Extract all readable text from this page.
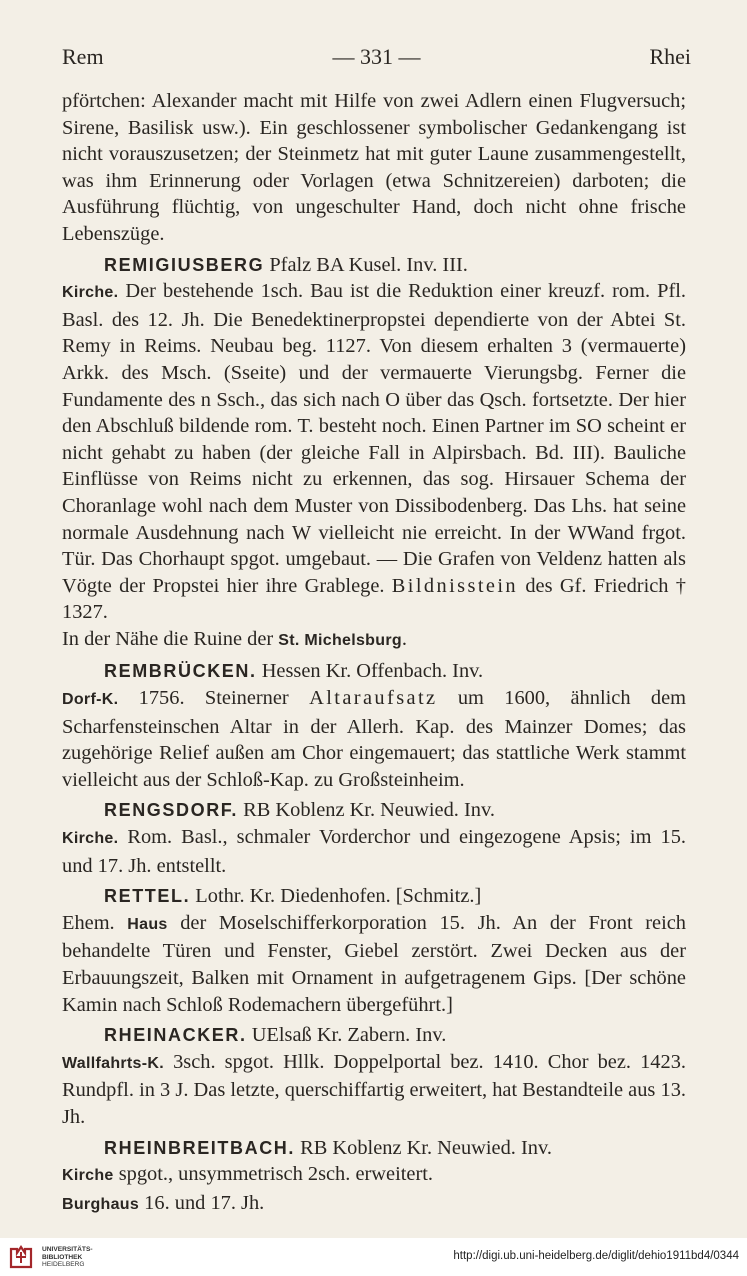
Rem	— 331 —	Rhei

pförtchen: Alexander macht mit Hilfe von zwei Adlern einen Flugversuch; Sirene, Basilisk usw.). Ein geschlossener symbolischer Gedankengang ist nicht vorauszusetzen; der Steinmetz hat mit guter Laune zusammengestellt, was ihm Erinnerung oder Vorlagen (etwa Schnitzereien) darboten; die Ausführung flüchtig, von ungeschulter Hand, doch nicht ohne frische Lebenszüge.

REMIGIUSBERG Pfalz BA Kusel. Inv. III.
Kirche. Der bestehende 1sch. Bau ist die Reduktion einer kreuzf. rom. Pfl. Basl. des 12. Jh. Die Benedektinerpropstei dependierte von der Abtei St. Remy in Reims. Neubau beg. 1127. Von diesem erhalten 3 (vermauerte) Arkk. des Msch. (Sseite) und der vermauerte Vierungsbg. Ferner die Fundamente des n Ssch., das sich nach O über das Qsch. fortsetzte. Der hier den Abschluß bildende rom. T. besteht noch. Einen Partner im SO scheint er nicht gehabt zu haben (der gleiche Fall in Alpirsbach. Bd. III). Bauliche Einflüsse von Reims nicht zu erkennen, das sog. Hirsauer Schema der Choranlage wohl nach dem Muster von Dissibodenberg. Das Lhs. hat seine normale Ausdehnung nach W vielleicht nie erreicht. In der WWand frgot. Tür. Das Chorhaupt spgot. umgebaut. — Die Grafen von Veldenz hatten als Vögte der Propstei hier ihre Grablege. Bildnisstein des Gf. Friedrich † 1327.

In der Nähe die Ruine der St. Michelsburg.

REMBRÜCKEN. Hessen Kr. Offenbach. Inv.
Dorf-K. 1756. Steinerner Altaraufsatz um 1600, ähnlich dem Scharfensteinschen Altar in der Allerh. Kap. des Mainzer Domes; das zugehörige Relief außen am Chor eingemauert; das stattliche Werk stammt vielleicht aus der Schloß-Kap. zu Großsteinheim.

RENGSDORF. RB Koblenz Kr. Neuwied. Inv.
Kirche. Rom. Basl., schmaler Vorderchor und eingezogene Apsis; im 15. und 17. Jh. entstellt.

RETTEL. Lothr. Kr. Diedenhofen. [Schmitz.]
Ehem. Haus der Moselschifferkorporation 15. Jh. An der Front reich behandelte Türen und Fenster, Giebel zerstört. Zwei Decken aus der Erbauungszeit, Balken mit Ornament in aufgetragenem Gips. [Der schöne Kamin nach Schloß Rodemachern übergeführt.]

RHEINACKER. UElsaß Kr. Zabern. Inv.
Wallfahrts-K. 3sch. spgot. Hllk. Doppelportal bez. 1410. Chor bez. 1423. Rundpfl. in 3 J. Das letzte, querschiffartig erweitert, hat Bestandteile aus 13. Jh.

RHEINBREITBACH. RB Koblenz Kr. Neuwied. Inv.
Kirche spgot., unsymmetrisch 2sch. erweitert.
Burghaus 16. und 17. Jh.

UNIVERSITÄTS-
BIBLIOTHEK
HEIDELBERG
http://digi.ub.uni-heidelberg.de/diglit/dehio1911bd4/0344
